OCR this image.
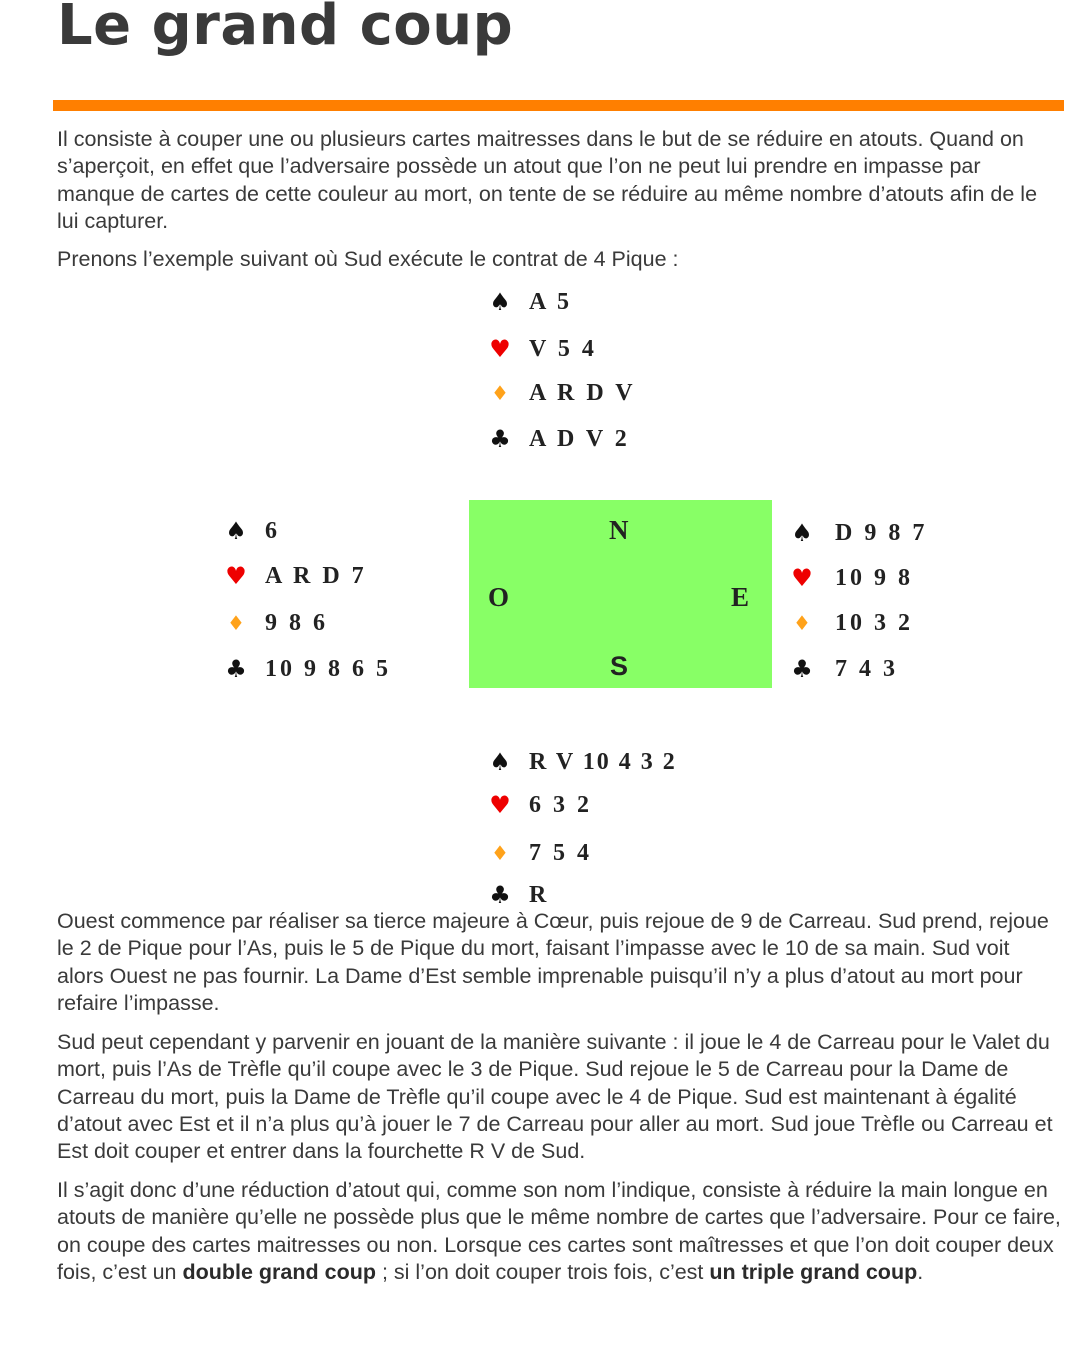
Le grand coup

Il consiste à couper une ou plusieurs cartes maitresses dans le but de se réduire en atouts. Quand on s’aperçoit, en effet que l’adversaire possède un atout que l’on ne peut lui prendre en impasse par manque de cartes de cette couleur au mort, on tente de se réduire au même nombre d’atouts afin de le lui capturer.

Prenons l’exemple suivant où Sud exécute le contrat de 4 Pique :

♠ A 5
♥ V 5 4
♦ A R D V
♣ A D V 2
♠ 6
♥ A R D 7
♦ 9 8 6
♣ 10 9 8 6 5
N
S
O	E
♠ D 9 8 7
♥ 10 9 8
♦ 10 3 2
♣ 7 4 3
♠ R V 10 4 3 2
♥ 6 3 2
♦ 7 5 4
♣ R

Ouest commence par réaliser sa tierce majeure à Cœur, puis rejoue de 9 de Carreau. Sud prend, rejoue le 2 de Pique pour l’As, puis le 5 de Pique du mort, faisant l’impasse avec le 10 de sa main. Sud voit alors Ouest ne pas fournir. La Dame d’Est semble imprenable puisqu’il n’y a plus d’atout au mort pour refaire l’impasse.

Sud peut cependant y parvenir en jouant de la manière suivante : il joue le 4 de Carreau pour le Valet du mort, puis l’As de Trèfle qu’il coupe avec le 3 de Pique. Sud rejoue le 5 de Carreau pour la Dame de Carreau du mort, puis la Dame de Trèfle qu’il coupe avec le 4 de Pique. Sud est maintenant à égalité d’atout avec Est et il n’a plus qu’à jouer le 7 de Carreau pour aller au mort. Sud joue Trèfle ou Carreau et Est doit couper et entrer dans la fourchette R V de Sud.

Il s’agit donc d’une réduction d’atout qui, comme son nom l’indique, consiste à réduire la main longue en atouts de manière qu’elle ne possède plus que le même nombre de cartes que l’adversaire. Pour ce faire, on coupe des cartes maitresses ou non. Lorsque ces cartes sont maîtresses et que l’on doit couper deux fois, c’est un double grand coup ; si l’on doit couper trois fois, c’est un triple grand coup.
